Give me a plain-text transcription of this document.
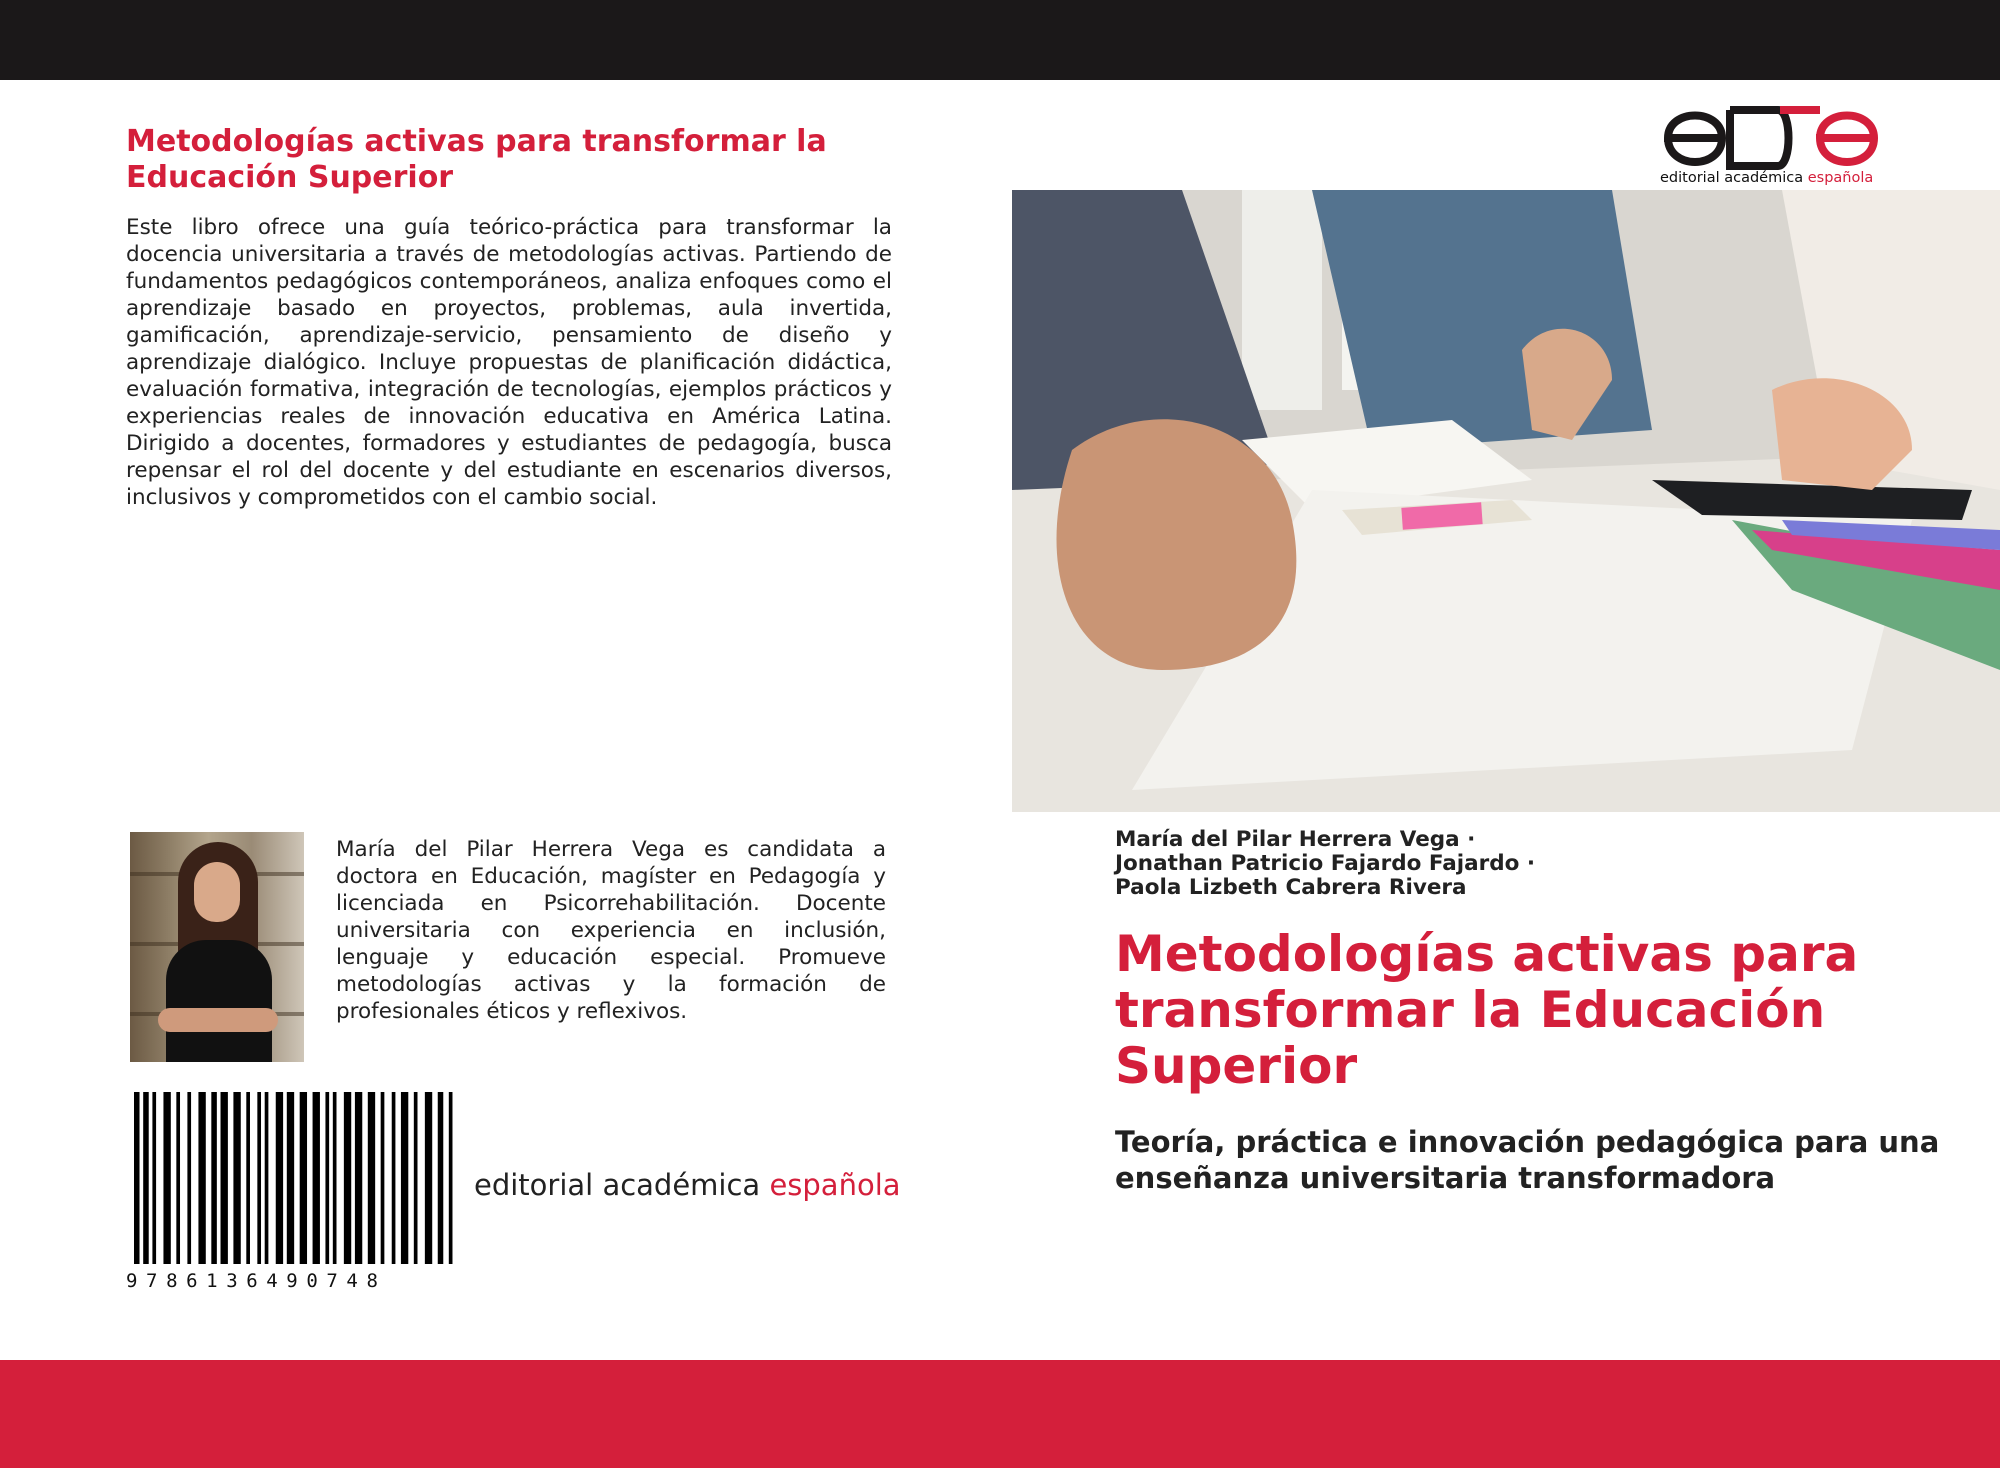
Metodologías activas para transformar la Educación Superior
Este libro ofrece una guía teórico-práctica para transformar la docencia universitaria a través de metodologías activas. Partiendo de fundamentos pedagógicos contemporáneos, analiza enfoques como el aprendizaje basado en proyectos, problemas, aula invertida, gamificación, aprendizaje-servicio, pensamiento de diseño y aprendizaje dialógico. Incluye propuestas de planificación didáctica, evaluación formativa, integración de tecnologías, ejemplos prácticos y experiencias reales de innovación educativa en América Latina. Dirigido a docentes, formadores y estudiantes de pedagogía, busca repensar el rol del docente y del estudiante en escenarios diversos, inclusivos y comprometidos con el cambio social.
María del Pilar Herrera Vega es candidata a doctora en Educación, magíster en Pedagogía y licenciada en Psicorrehabilitación. Docente universitaria con experiencia en inclusión, lenguaje y educación especial. Promueve metodologías activas y la formación de profesionales éticos y reflexivos.
9786136490748
editorial académica española
editorial académica española
María del Pilar Herrera Vega ·
Jonathan Patricio Fajardo Fajardo ·
Paola Lizbeth Cabrera Rivera
Metodologías activas para transformar la Educación Superior
Teoría, práctica e innovación pedagógica para una enseñanza universitaria transformadora
